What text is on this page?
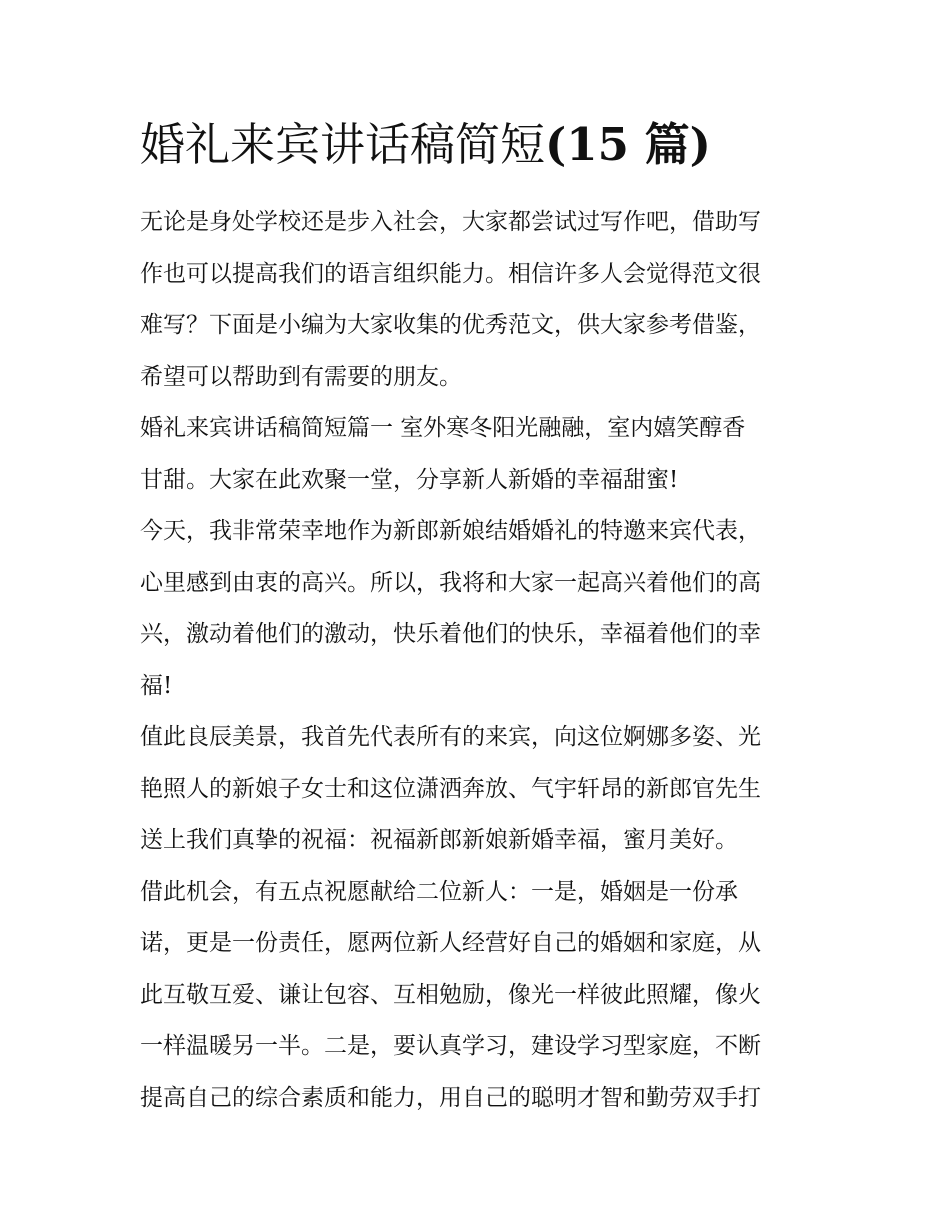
婚礼来宾讲话稿简短(15 篇)
无论是身处学校还是步入社会，大家都尝试过写作吧，借助写
作也可以提高我们的语言组织能力。相信许多人会觉得范文很
难写？下面是小编为大家收集的优秀范文，供大家参考借鉴，
希望可以帮助到有需要的朋友。
婚礼来宾讲话稿简短篇一 室外寒冬阳光融融，室内嬉笑醇香
甘甜。大家在此欢聚一堂，分享新人新婚的幸福甜蜜!
今天，我非常荣幸地作为新郎新娘结婚婚礼的特邀来宾代表，
心里感到由衷的高兴。所以，我将和大家一起高兴着他们的高
兴，激动着他们的激动，快乐着他们的快乐，幸福着他们的幸
福!
值此良辰美景，我首先代表所有的来宾，向这位婀娜多姿、光
艳照人的新娘子女士和这位潇洒奔放、气宇轩昂的新郎官先生
送上我们真挚的祝福：祝福新郎新娘新婚幸福，蜜月美好。
借此机会，有五点祝愿献给二位新人：一是，婚姻是一份承
诺，更是一份责任，愿两位新人经营好自己的婚姻和家庭，从
此互敬互爱、谦让包容、互相勉励，像光一样彼此照耀，像火
一样温暖另一半。二是，要认真学习，建设学习型家庭，不断
提高自己的综合素质和能力，用自己的聪明才智和勤劳双手打
